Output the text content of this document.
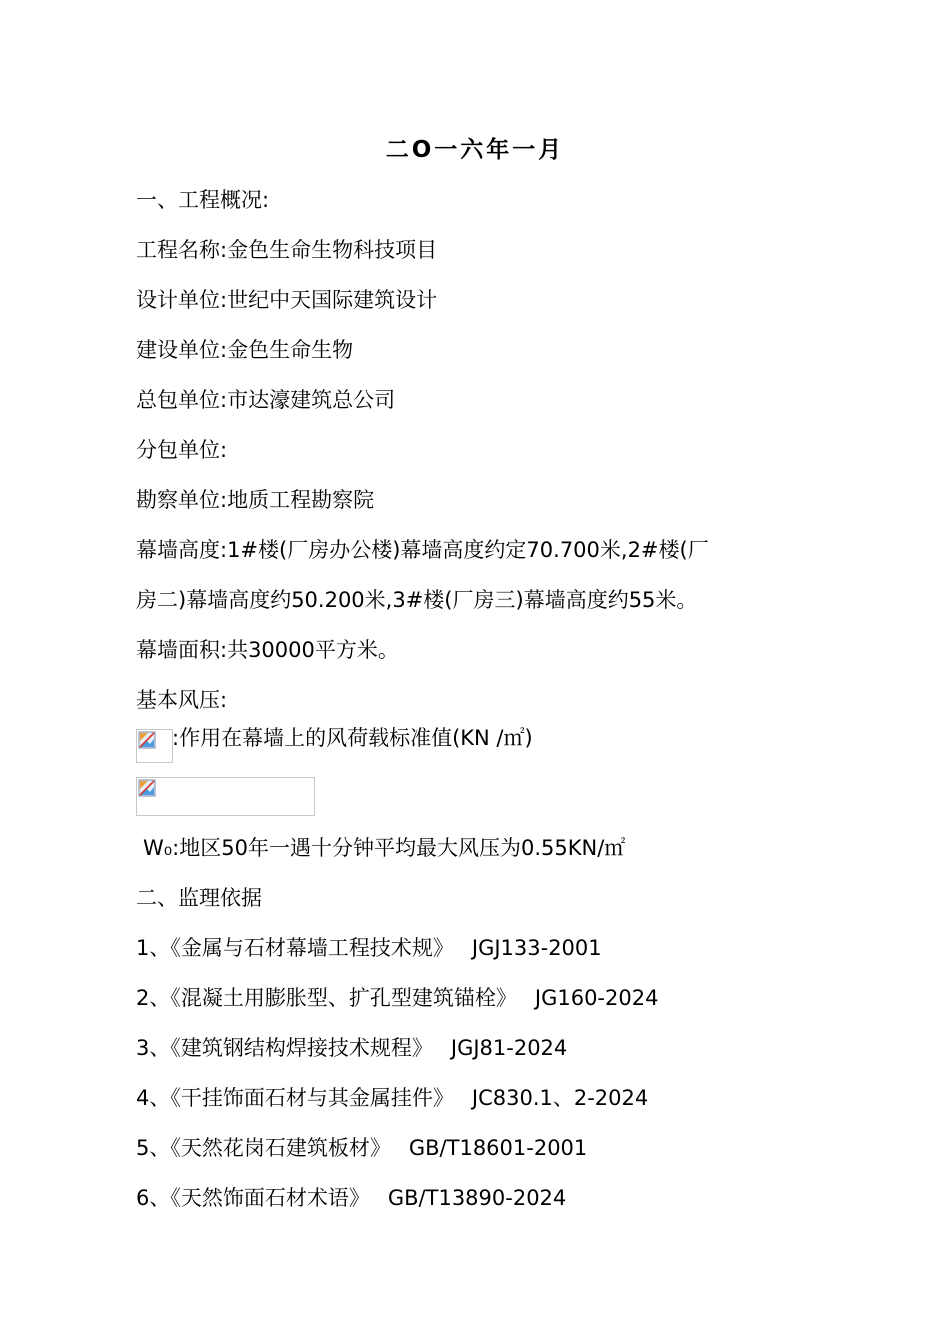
二O一六年一月
一、工程概况:
工程名称:金色生命生物科技项目
设计单位:世纪中天国际建筑设计
建设单位:金色生命生物
总包单位:市达濠建筑总公司
分包单位:
勘察单位:地质工程勘察院
幕墙高度:1#楼(厂房办公楼)幕墙高度约定70.700米,2#楼(厂
房二)幕墙高度约50.200米,3#楼(厂房三)幕墙高度约55米。
幕墙面积:共30000平方米。
基本风压:
:作用在幕墙上的风荷载标准值(KN /㎡)
W₀:地区50年一遇十分钟平均最大风压为0.55KN/㎡
二、监理依据
1、《金属与石材幕墙工程技术规》 JGJ133-2001
2、《混凝土用膨胀型、扩孔型建筑锚栓》 JG160-2024
3、《建筑钢结构焊接技术规程》 JGJ81-2024
4、《干挂饰面石材与其金属挂件》 JC830.1、2-2024
5、《天然花岗石建筑板材》 GB/T18601-2001
6、《天然饰面石材术语》 GB/T13890-2024
